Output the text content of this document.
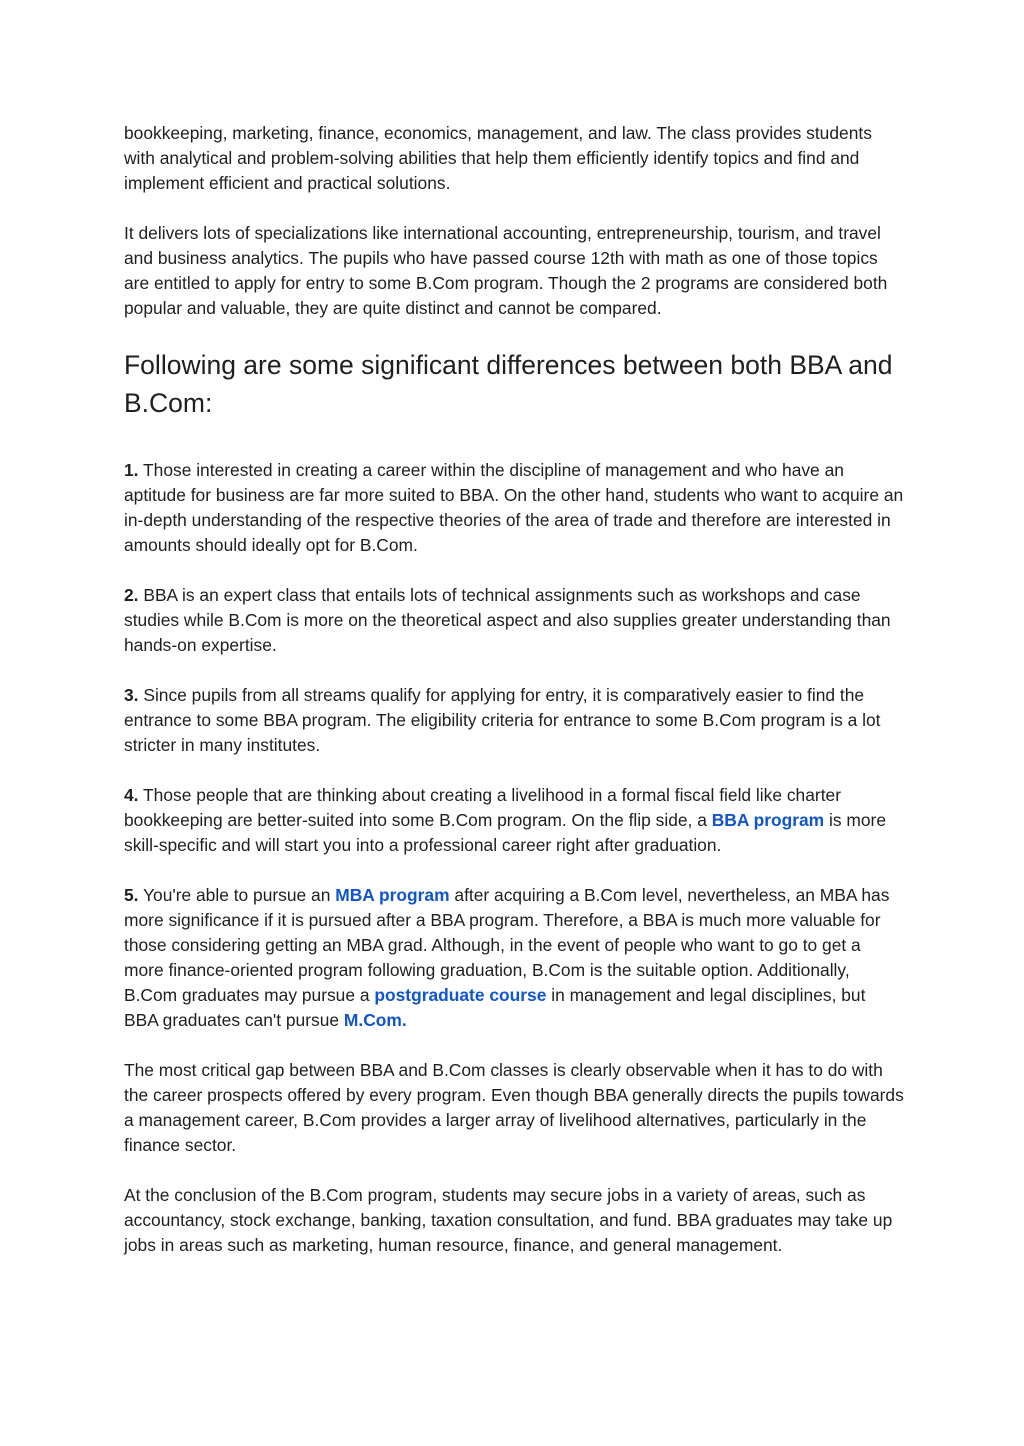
bookkeeping, marketing, finance, economics, management, and law. The class provides students with analytical and problem-solving abilities that help them efficiently identify topics and find and implement efficient and practical solutions.

It delivers lots of specializations like international accounting, entrepreneurship, tourism, and travel and business analytics. The pupils who have passed course 12th with math as one of those topics are entitled to apply for entry to some B.Com program. Though the 2 programs are considered both popular and valuable, they are quite distinct and cannot be compared.

Following are some significant differences between both BBA and B.Com:

1. Those interested in creating a career within the discipline of management and who have an aptitude for business are far more suited to BBA. On the other hand, students who want to acquire an in-depth understanding of the respective theories of the area of trade and therefore are interested in amounts should ideally opt for B.Com.

2. BBA is an expert class that entails lots of technical assignments such as workshops and case studies while B.Com is more on the theoretical aspect and also supplies greater understanding than hands-on expertise.

3. Since pupils from all streams qualify for applying for entry, it is comparatively easier to find the entrance to some BBA program. The eligibility criteria for entrance to some B.Com program is a lot stricter in many institutes.

4. Those people that are thinking about creating a livelihood in a formal fiscal field like charter bookkeeping are better-suited into some B.Com program. On the flip side, a BBA program is more skill-specific and will start you into a professional career right after graduation.

5. You're able to pursue an MBA program after acquiring a B.Com level, nevertheless, an MBA has more significance if it is pursued after a BBA program. Therefore, a BBA is much more valuable for those considering getting an MBA grad. Although, in the event of people who want to go to get a more finance-oriented program following graduation, B.Com is the suitable option. Additionally, B.Com graduates may pursue a postgraduate course in management and legal disciplines, but BBA graduates can't pursue M.Com.

The most critical gap between BBA and B.Com classes is clearly observable when it has to do with the career prospects offered by every program. Even though BBA generally directs the pupils towards a management career, B.Com provides a larger array of livelihood alternatives, particularly in the finance sector.

At the conclusion of the B.Com program, students may secure jobs in a variety of areas, such as accountancy, stock exchange, banking, taxation consultation, and fund. BBA graduates may take up jobs in areas such as marketing, human resource, finance, and general management.
